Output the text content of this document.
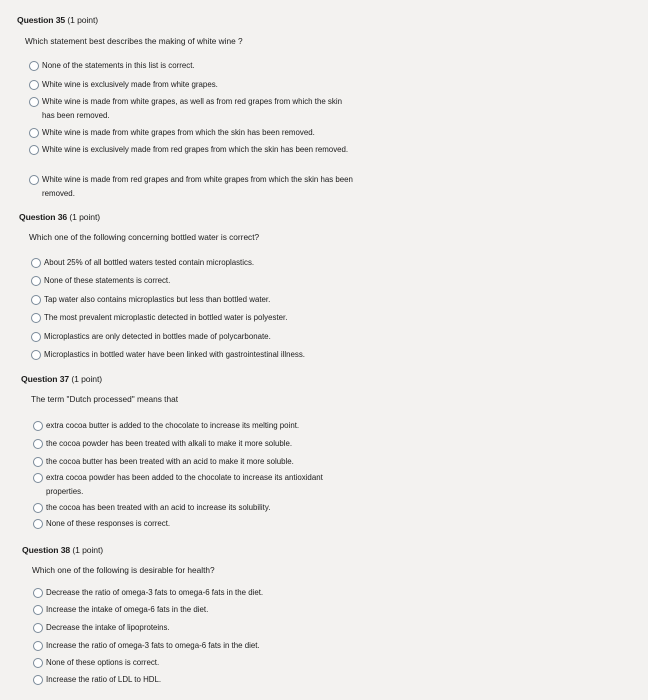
Question 35 (1 point)
Which statement best describes the making of white wine ?
None of the statements in this list is correct.
White wine is exclusively made from white grapes.
White wine is made from white grapes, as well as from red grapes from which the skin has been removed.
White wine is made from white grapes from which the skin has been removed.
White wine is exclusively made from red grapes from which the skin has been removed.
White wine is made from red grapes and from white grapes from which the skin has been removed.
Question 36 (1 point)
Which one of the following concerning bottled water is correct?
About 25% of all bottled waters tested contain microplastics.
None of these statements is correct.
Tap water also contains microplastics but less than bottled water.
The most prevalent microplastic detected in bottled water is polyester.
Microplastics are only detected in bottles made of polycarbonate.
Microplastics in bottled water have been linked with gastrointestinal illness.
Question 37 (1 point)
The term "Dutch processed" means that
extra cocoa butter is added to the chocolate to increase its melting point.
the cocoa powder has been treated with alkali to make it more soluble.
the cocoa butter has been treated with an acid to make it more soluble.
extra cocoa powder has been added to the chocolate to increase its antioxidant properties.
the cocoa has been treated with an acid to increase its solubility.
None of these responses is correct.
Question 38 (1 point)
Which one of the following is desirable for health?
Decrease the ratio of omega-3 fats to omega-6 fats in the diet.
Increase the intake of omega-6 fats in the diet.
Decrease the intake of lipoproteins.
Increase the ratio of omega-3 fats to omega-6 fats in the diet.
None of these options is correct.
Increase the ratio of LDL to HDL.
